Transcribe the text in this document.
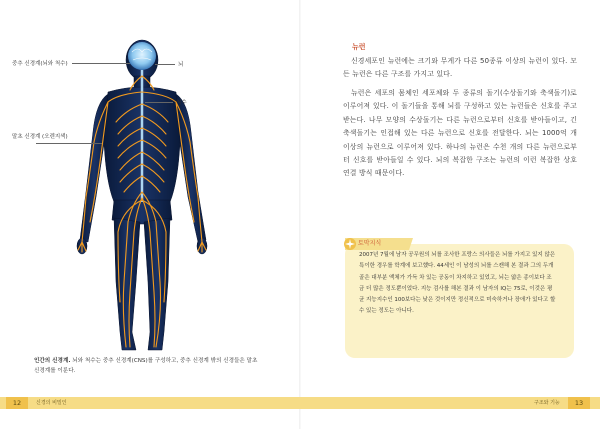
중추 신경계(뇌와 척수)	뇌
척수
말초 신경계 (오렌지색)
인간의 신경계. 뇌와 척수는 중추 신경계(CNS)를 구성하고, 중추 신경계 밖의 신경들은 말초 신경계를 이룬다.
12	신경의 비밀인
뉴런
신경세포인 뉴런에는 크기와 무게가 다른 50종류 이상의 뉴런이 있다. 모든 뉴런은 다른 구조를 가지고 있다.
뉴런은 세포의 몸체인 세포체와 두 종류의 돌기(수상돌기와 축색돌기)로 이루어져 있다. 이 돌기들을 통해 뇌를 구성하고 있는 뉴런들은 신호를 주고받는다. 나무 모양의 수상돌기는 다른 뉴런으로부터 신호를 받아들이고, 긴 축색돌기는 인접해 있는 다른 뉴런으로 신호를 전달한다. 뇌는 1000억 개 이상의 뉴런으로 이루어져 있다. 하나의 뉴런은 수천 개의 다른 뉴런으로부터 신호를 받아들일 수 있다. 뇌의 복잡한 구조는 뉴런의 이런 복잡한 상호 연결 방식 때문이다.
토막지식
2007년 7월에 남자 공무원의 뇌를 조사한 프랑스 의사들은 뇌를 가지고 있지 않은 특이한 경우를 학계에 보고했다. 44세인 이 남성의 뇌를 스캔해 본 결과 그의 두개골은 대부분 액체가 가득 차 있는 공동이 차지하고 있었고, 뇌는 얇은 종이보다 조금 더 많은 정도뿐이었다. 지능 검사를 해본 결과 이 남자의 IQ는 75로, 이것은 평균 지능지수인 100보다는 낮은 것이지만 정신적으로 미숙하거나 장애가 있다고 할 수 있는 정도는 아니다.
구조와 기능	13
